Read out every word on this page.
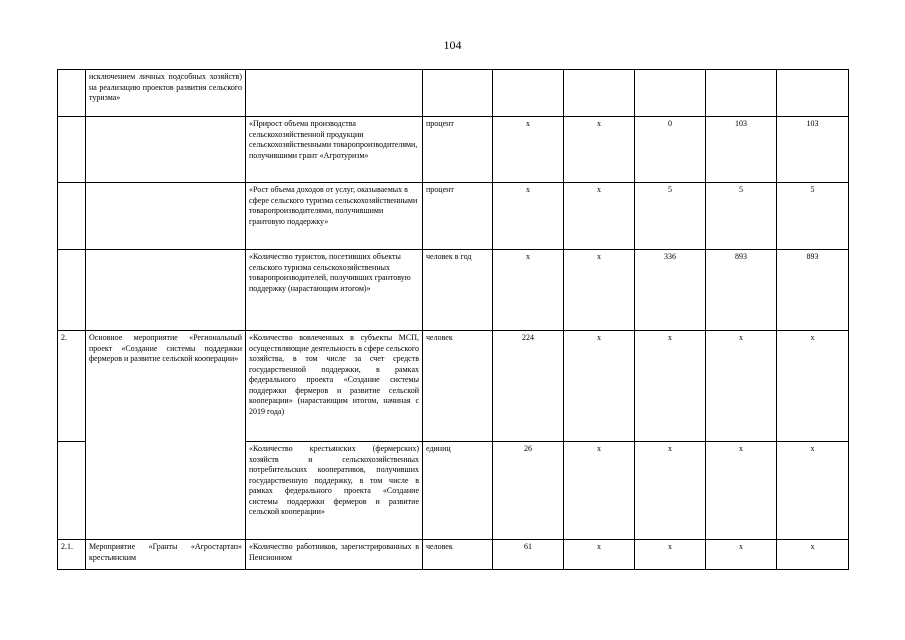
104
	исключением личных подсобных хозяйств) на реализацию проектов развития сельского туризма»							
		«Прирост объема производства сельскохозяйственной продукции сельскохозяйственными товаропроизводителями, получившими грант «Агротуризм»	процент	х	х	0	103	103
		«Рост объема доходов от услуг, оказываемых в сфере сельского туризма сельскохозяйственными товаропроизводителями, получившими грантовую поддержку»	процент	х	х	5	5	5
		«Количество туристов, посетивших объекты сельского туризма сельскохозяйственных товаропроизводителей, получивших грантовую поддержку (нарастающим итогом)»	человек в год	х	х	336	893	893
2.	Основное мероприятие «Региональный проект «Создание системы поддержки фермеров и развитие сельской кооперации»	«Количество вовлеченных в субъекты МСП, осуществляющие деятельность в сфере сельского хозяйства, в том числе за счет средств государственной поддержки, в рамках федерального проекта «Создание системы поддержки фермеров и развитие сельской кооперации» (нарастающим итогом, начиная с 2019 года)	человек	224	х	х	х	х
		«Количество крестьянских (фермерских) хозяйств и сельскохозяйственных потребительских кооперативов, получивших государственную поддержку, в том числе в рамках федерального проекта «Создание системы поддержки фермеров и развитие сельской кооперации»	единиц	26	х	х	х	х
2.1.	Мероприятие «Гранты «Агростартап» крестьянским	«Количество работников, зарегистрированных в Пенсионном	человек	61	х	х	х	х
